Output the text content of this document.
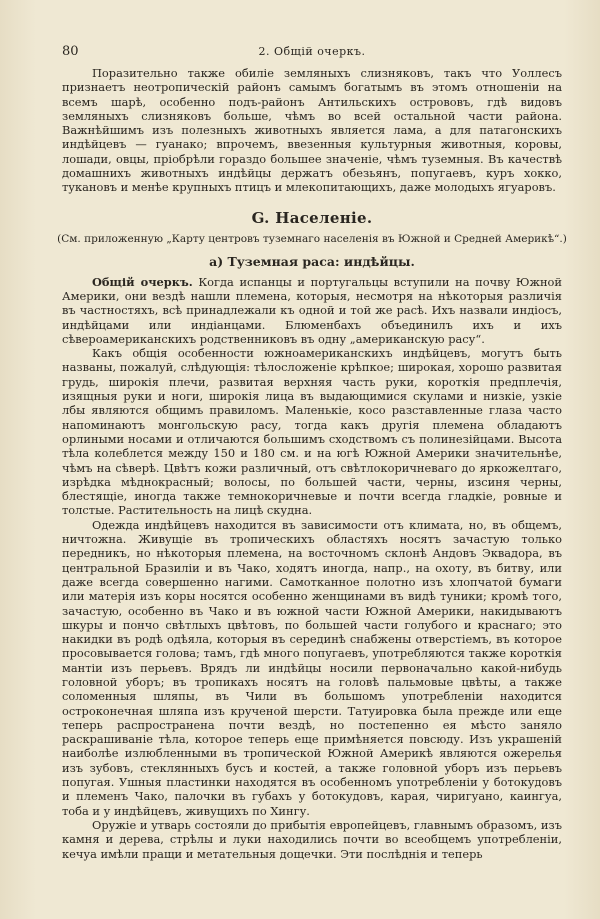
80	2. Общій очеркъ.

Поразительно также обиліе земляныхъ слизняковъ, такъ что Уоллесъ признаетъ неотропическій районъ самымъ богатымъ въ этомъ отношеніи на всемъ шарѣ, особенно подъ-районъ Антильскихъ острововъ, гдѣ видовъ земляныхъ слизняковъ больше, чѣмъ во всей остальной части района. Важнѣйшимъ изъ полезныхъ животныхъ является лама, а для патагонскихъ индѣйцевъ — гуанако; впрочемъ, ввезенныя культурныя животныя, коровы, лошади, овцы, пріобрѣли гораздо большее значеніе, чѣмъ туземныя. Въ качествѣ домашнихъ животныхъ индѣйцы держатъ обезьянъ, попугаевъ, куръ хокко, тукановъ и менѣе крупныхъ птицъ и млекопитающихъ, даже молодыхъ ягуаровъ.

G. Населеніе.
(См. приложенную „Карту центровъ туземнаго населенія въ Южной и Средней Америкѣ“.)
а) Туземная раса: индѣйцы.

Общій очеркъ. Когда испанцы и португальцы вступили на почву Южной Америки, они вездѣ нашли племена, которыя, несмотря на нѣкоторыя различія въ частностяхъ, всѣ принадлежали къ одной и той же расѣ. Ихъ назвали индіосъ, индѣйцами или индіанцами. Блюменбахъ объединилъ ихъ и ихъ сѣвероамериканскихъ родственниковъ въ одну „американскую расу“.

Какъ общія особенности южноамериканскихъ индѣйцевъ, могутъ быть названы, пожалуй, слѣдующія: тѣлосложеніе крѣпкое; широкая, хорошо развитая грудь, широкія плечи, развитая верхняя часть руки, короткія предплечія, изящныя руки и ноги, широкія лица въ выдающимися скулами и низкіе, узкіе лбы являются общимъ правиломъ. Маленькіе, косо разставленные глаза часто напоминаютъ монгольскую расу, тогда какъ другія племена обладаютъ орлиными носами и отличаются большимъ сходствомъ съ полинезійцами. Высота тѣла колеблется между 150 и 180 см. и на югѣ Южной Америки значительнѣе, чѣмъ на сѣверѣ. Цвѣтъ кожи различный, отъ свѣтлокоричневаго до яркожелтаго, изрѣдка мѣднокрасный; волосы, по большей части, черны, изсиня черны, блестящіе, иногда также темнокоричневые и почти всегда гладкіе, ровные и толстые. Растительность на лицѣ скудна.

Одежда индѣйцевъ находится въ зависимости отъ климата, но, въ общемъ, ничтожна. Живущіе въ тропическихъ областяхъ носятъ зачастую только передникъ, но нѣкоторыя племена, на восточномъ склонѣ Андовъ Эквадора, въ центральной Бразиліи и въ Чако, ходятъ иногда, напр., на охоту, въ битву, или даже всегда совершенно нагими. Самотканное полотно изъ хлопчатой бумаги или матерія изъ коры носятся особенно женщинами въ видѣ туники; кромѣ того, зачастую, особенно въ Чако и въ южной части Южной Америки, накидываютъ шкуры и пончо свѣтлыхъ цвѣтовъ, по большей части голубого и краснаго; это накидки въ родѣ одѣяла, которыя въ серединѣ снабжены отверстіемъ, въ которое просовывается голова; тамъ, гдѣ много попугаевъ, употребляются также короткія мантіи изъ перьевъ. Врядъ ли индѣйцы носили первоначально какой-нибудь головной уборъ; въ тропикахъ носятъ на головѣ пальмовые цвѣты, а также соломенныя шляпы, въ Чили въ большомъ употребленіи находится остроконечная шляпа изъ крученой шерсти. Татуировка была прежде или еще теперь распространена почти вездѣ, но постепенно ея мѣсто заняло раскрашиваніе тѣла, которое теперь еще примѣняется повсюду. Изъ украшеній наиболѣе излюбленными въ тропической Южной Америкѣ являются ожерелья изъ зубовъ, стеклянныхъ бусъ и костей, а также головной уборъ изъ перьевъ попугая. Ушныя пластинки находятся въ особенномъ употребленіи у ботокудовъ и племенъ Чако, палочки въ губахъ у ботокудовъ, карая, чиригуано, каингуа, тоба и у индѣйцевъ, живущихъ по Хингу.

Оружіе и утварь состояли до прибытія европейцевъ, главнымъ образомъ, изъ камня и дерева, стрѣлы и луки находились почти во всеобщемъ употребленіи, кечуа имѣли пращи и метательныя дощечки. Эти послѣднія и теперь
